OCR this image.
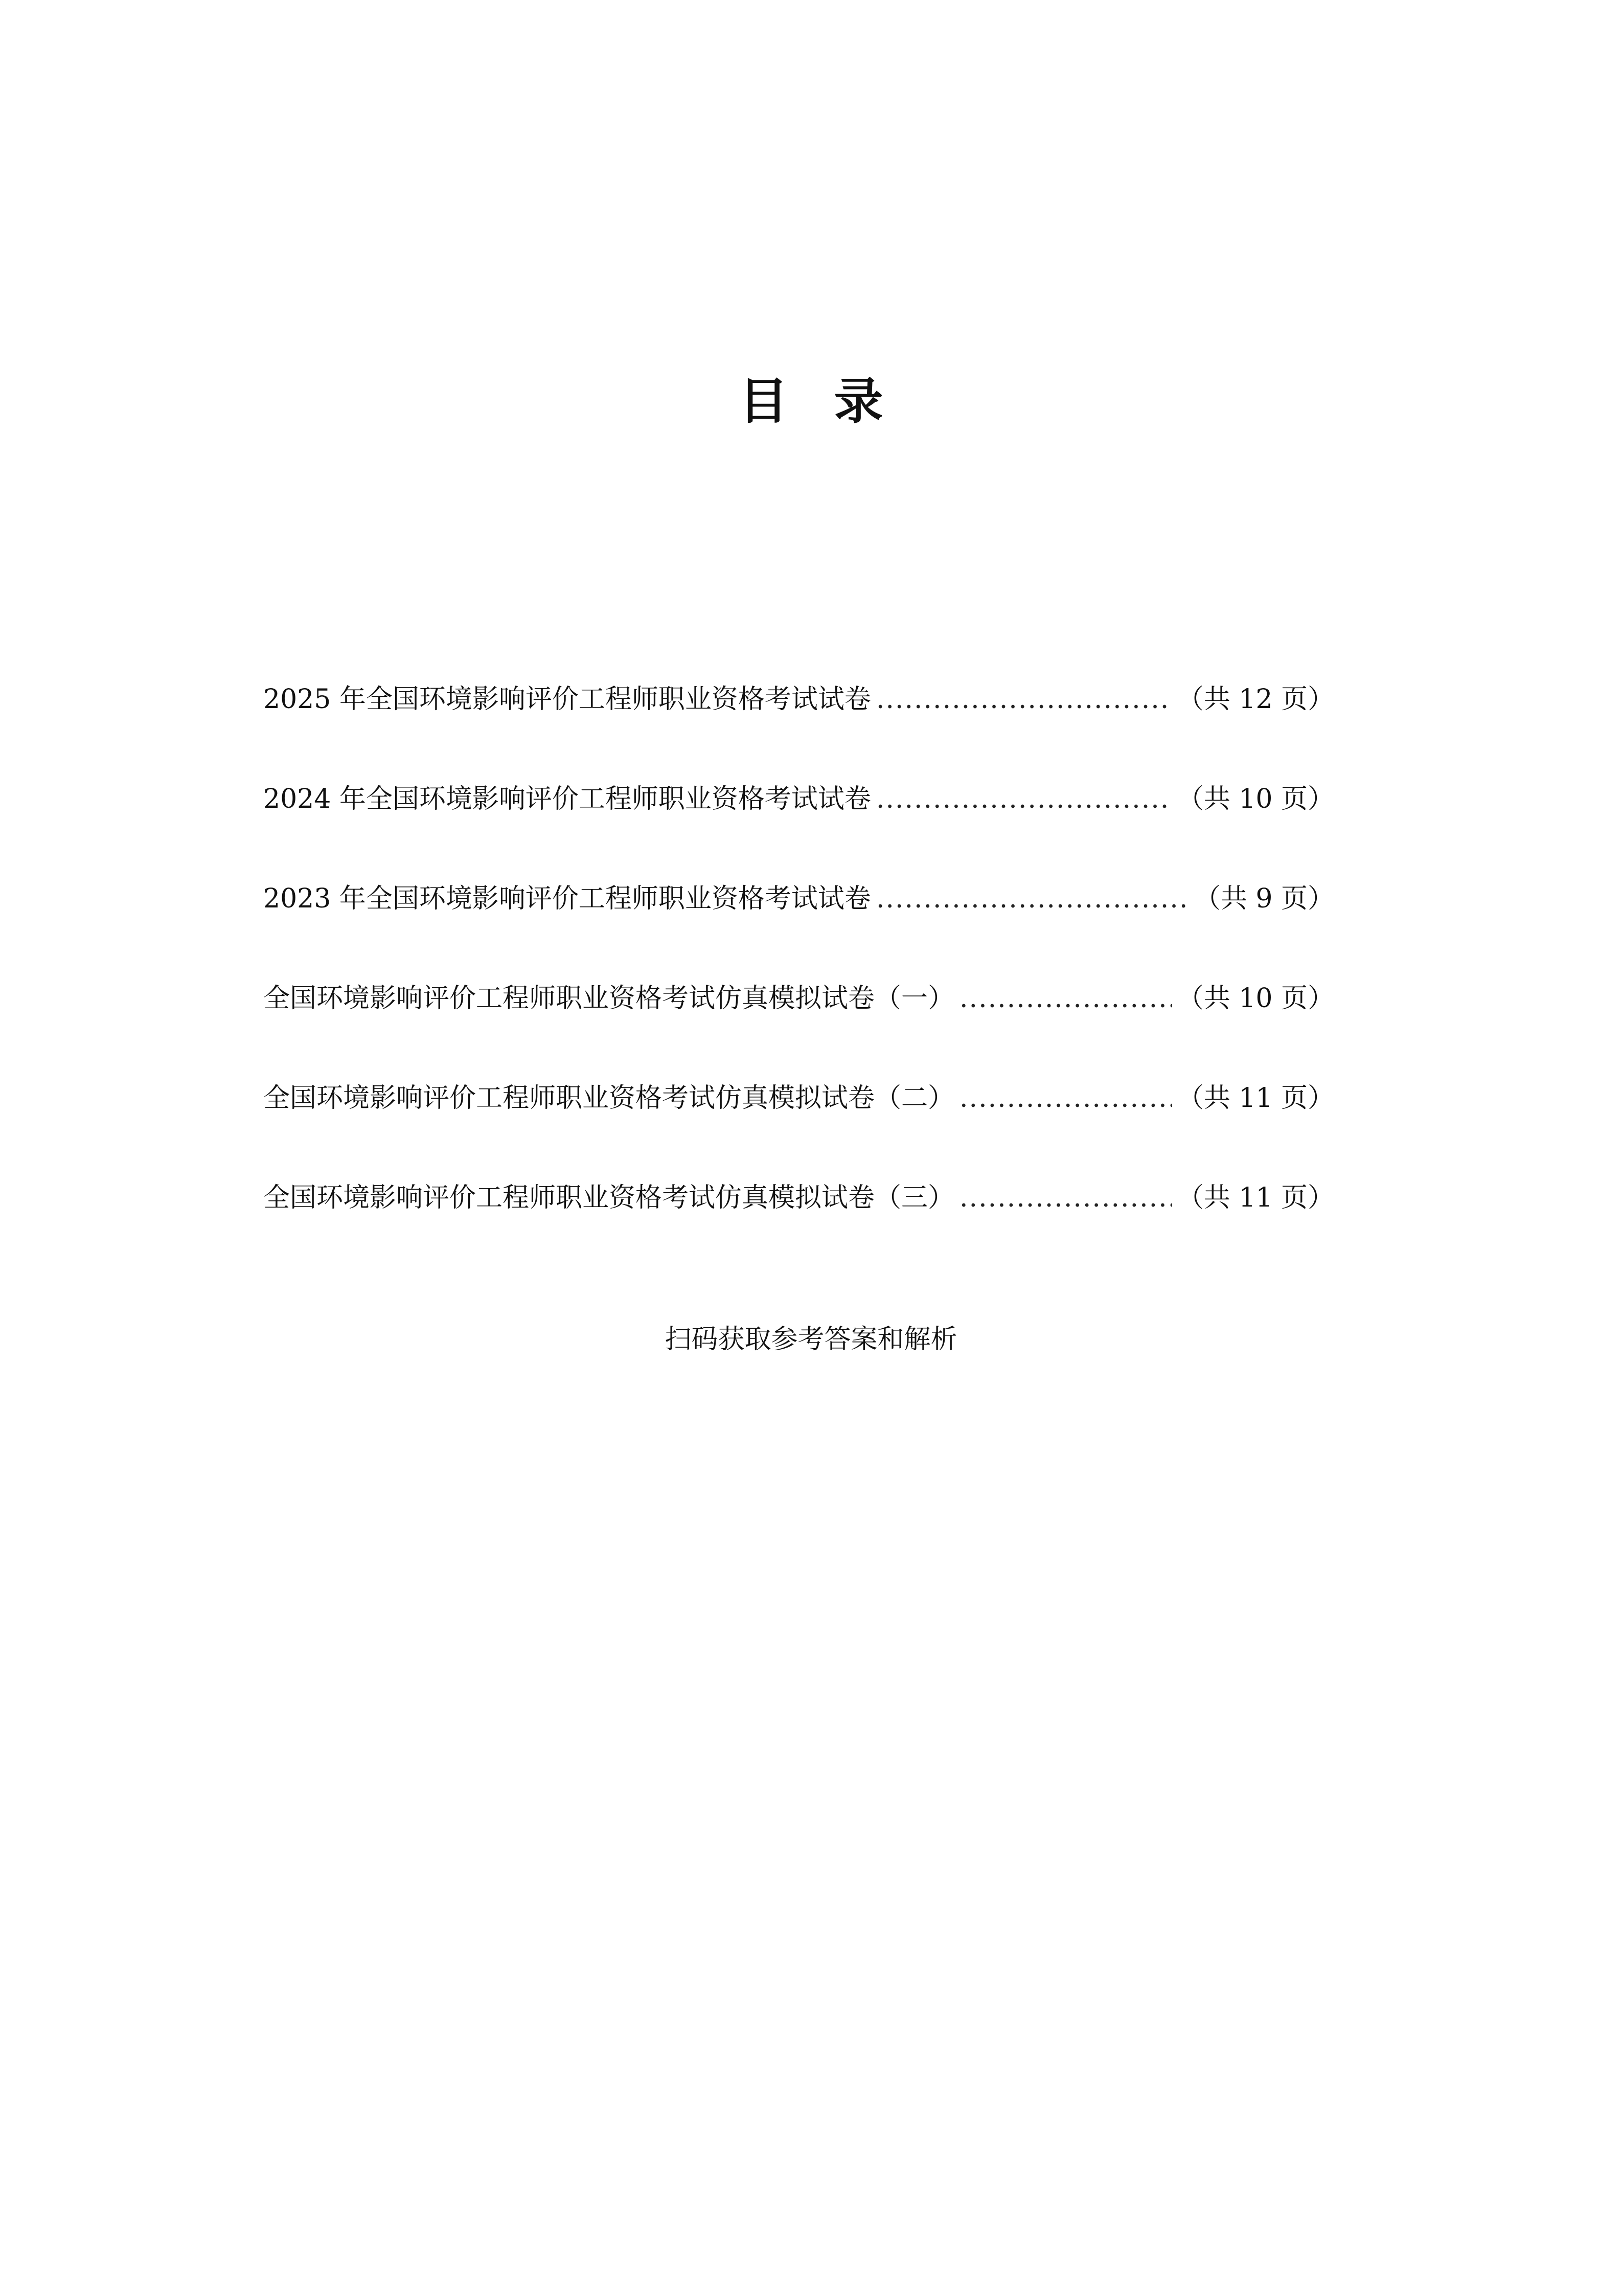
目 录
2025 年全国环境影响评价工程师职业资格考试试卷 .....	（共 12 页）
2024 年全国环境影响评价工程师职业资格考试试卷 .....	（共 10 页）
2023 年全国环境影响评价工程师职业资格考试试卷 .....	（共 9 页）
全国环境影响评价工程师职业资格考试仿真模拟试卷（一） .....	（共 10 页）
全国环境影响评价工程师职业资格考试仿真模拟试卷（二） .....	（共 11 页）
全国环境影响评价工程师职业资格考试仿真模拟试卷（三） .....	（共 11 页）
扫码获取参考答案和解析
